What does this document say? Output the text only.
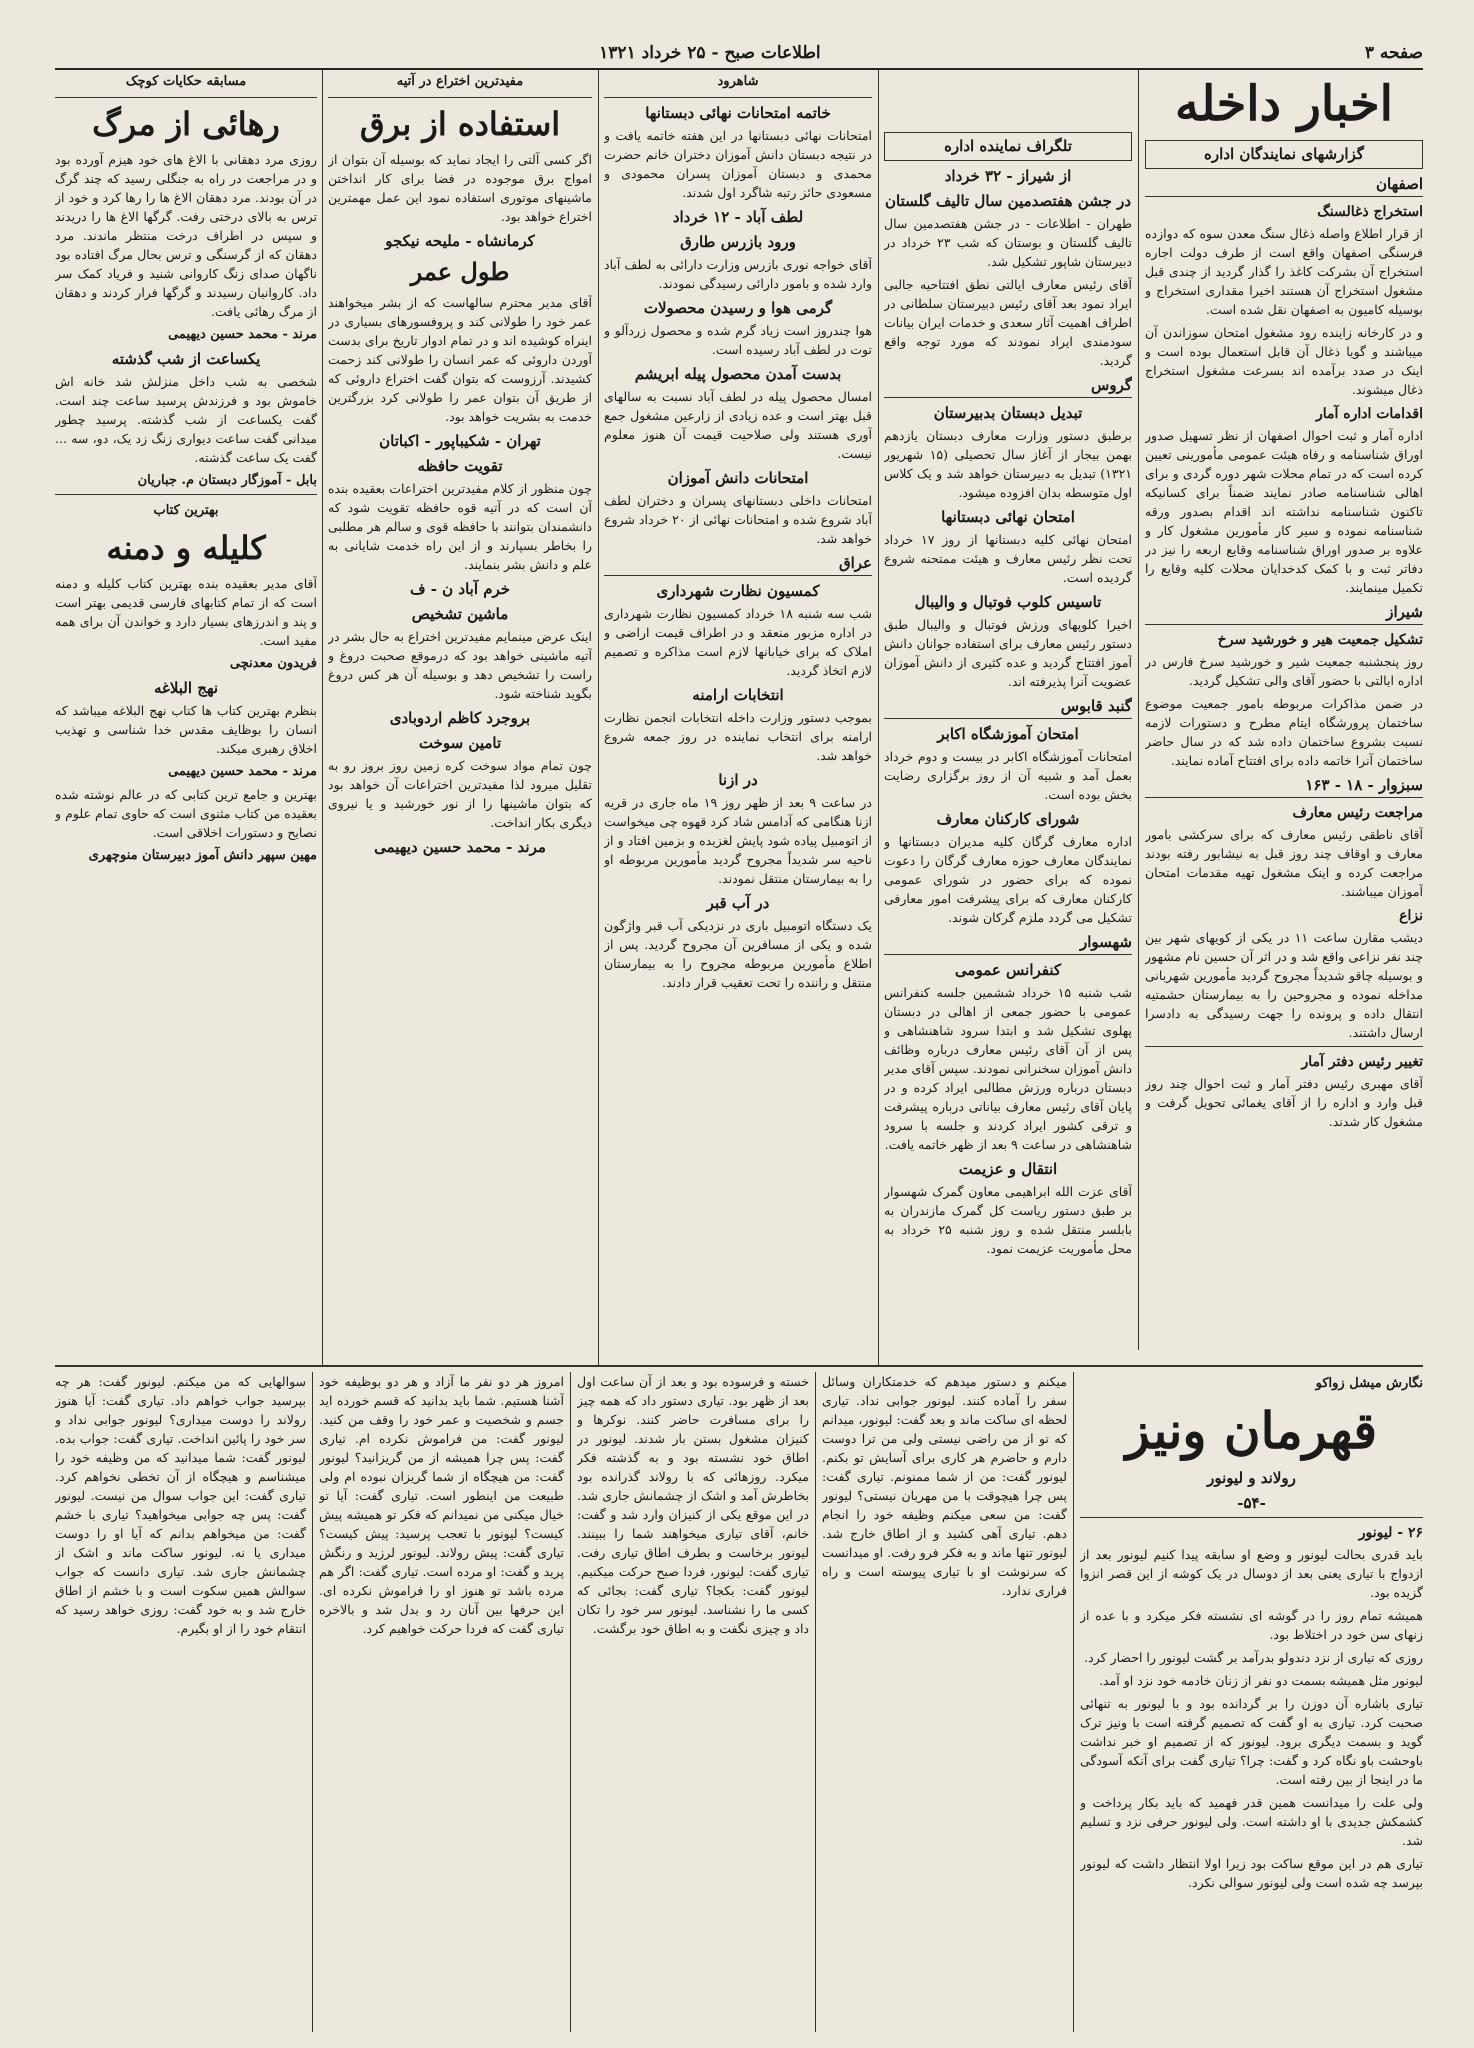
صفحه ۳
اطلاعات صبح - ۲۵ خرداد ۱۳۲۱
اخبار داخله
گزارشهای نمایندگان اداره
اصفهان
استخراج ذغالسنگ

از قرار اطلاع واصله ذغال سنگ معدن سوه که دوازده فرسنگی اصفهان واقع است از طرف دولت اجاره استخراج آن بشرکت کاغذ را گذار گردید از چندی قبل مشغول استخراج آن هستند اخیرا مقداری استخراج و بوسیله کامیون به اصفهان نقل شده است.

و در کارخانه زاینده رود مشغول امتحان سوزاندن آن میباشند و گویا ذغال آن قابل استعمال بوده است و اینک در صدد برآمده اند بسرعت مشغول استخراج ذغال میشوند.

اقدامات اداره آمار

اداره آمار و ثبت احوال اصفهان از نظر تسهیل صدور اوراق شناسنامه و رفاه هیئت عمومی مأمورینی تعیین کرده است که در تمام محلات شهر دوره گردی و برای اهالی شناسنامه صادر نمایند ضمناً برای کسانیکه تاکنون شناسنامه نداشته اند اقدام بصدور ورقه شناسنامه نموده و سیر کار مأمورین مشغول کار و علاوه بر صدور اوراق شناسنامه وقایع اربعه را نیز در دفاتر ثبت و با کمک کدخدایان محلات کلیه وقایع را تکمیل مینمایند.

شیراز
تشکیل جمعیت هیر و خورشید سرخ

روز پنجشنبه جمعیت شیر و خورشید سرخ فارس در اداره ایالتی با حضور آقای والی تشکیل گردید.

در ضمن مذاکرات مربوطه بامور جمعیت موضوع ساختمان پرورشگاه ایتام مطرح و دستورات لازمه نسبت بشروع ساختمان داده شد که در سال حاضر ساختمان آنرا خاتمه داده برای افتتاح آماده نمایند.

سبزوار - ۱۸ - ۱۶۳
مراجعت رئیس معارف

آقای ناطقی رئیس معارف که برای سرکشی بامور معارف و اوقاف چند روز قبل به نیشابور رفته بودند مراجعت کرده و اینک مشغول تهیه مقدمات امتحان آموزان میباشند.

نزاع

دیشب مقارن ساعت ۱۱ در یکی از کویهای شهر بین چند نفر نزاعی واقع شد و در اثر آن حسین نام مشهور و بوسیله چاقو شدیداً مجروح گردید مأمورین شهربانی مداخله نموده و مجروحین را به بیمارستان حشمتیه انتقال داده و پرونده را جهت رسیدگی به دادسرا ارسال داشتند.

تغییر رئیس دفتر آمار

آقای مهبری رئیس دفتر آمار و ثبت احوال چند روز قبل وارد و اداره را از آقای یغمائی تحویل گرفت و مشغول کار شدند.

تلگراف نماینده اداره
از شیراز - ۳۲ خرداد
در جشن هفتصدمین سال تالیف گلستان

طهران - اطلاعات - در جشن هفتصدمین سال تالیف گلستان و بوستان که شب ۲۳ خرداد در دبیرستان شاپور تشکیل شد.

آقای رئیس معارف ایالتی نطق افتتاحیه جالبی ایراد نمود بعد آقای رئیس دبیرستان سلطانی در اطراف اهمیت آثار سعدی و خدمات ایران بیانات سودمندی ایراد نمودند که مورد توجه واقع گردید.

گروس
تبدیل دبستان بدبیرستان

برطبق دستور وزارت معارف دبستان یازدهم بهمن بیجار از آغاز سال تحصیلی (۱۵ شهریور ۱۳۲۱) تبدیل به دبیرستان خواهد شد و یک کلاس اول متوسطه بدان افزوده میشود.

امتحان نهائی دبستانها

امتحان نهائی کلیه دبستانها از روز ۱۷ خرداد تحت نظر رئیس معارف و هیئت ممتحنه شروع گردیده است.

تاسیس کلوب فوتبال و والیبال

اخیرا کلوپهای ورزش فوتبال و والیبال طبق دستور رئیس معارف برای استفاده جوانان دانش آموز افتتاح گردید و عده کثیری از دانش آموزان عضویت آنرا پذیرفته اند.

گنبد قابوس
امتحان آموزشگاه اکابر

امتحانات آموزشگاه اکابر در بیست و دوم خرداد بعمل آمد و شبیه آن از روز برگزاری رضایت بخش بوده است.

شورای کارکنان معارف

اداره معارف گرگان کلیه مدیران دبستانها و نمایندگان معارف حوزه معارف گرگان را دعوت نموده که برای حضور در شورای عمومی کارکنان معارف که برای پیشرفت امور معارفی تشکیل می گردد ملزم گرکان شوند.

شهسوار
کنفرانس عمومی

شب شنبه ۱۵ خرداد ششمین جلسه کنفرانس عمومی با حضور جمعی از اهالی در دبستان پهلوی تشکیل شد و ابتدا سرود شاهنشاهی و پس از آن آقای رئیس معارف درباره وظائف دانش آموزان سخنرانی نمودند. سپس آقای مدیر دبستان درباره ورزش مطالبی ایراد کرده و در پایان آقای رئیس معارف بیاناتی درباره پیشرفت و ترقی کشور ایراد کردند و جلسه با سرود شاهنشاهی در ساعت ۹ بعد از ظهر خاتمه یافت.

انتقال و عزیمت

آقای عزت الله ابراهیمی معاون گمرک شهسوار بر طبق دستور ریاست کل گمرک مازندران به بابلسر منتقل شده و روز شنبه ۲۵ خرداد به محل مأموریت عزیمت نمود.

شاهرود
خاتمه امتحانات نهائی دبستانها

امتحانات نهائی دبستانها در این هفته خاتمه یافت و در نتیجه دبستان دانش آموزان دختران خانم حضرت محمدی و دبستان آموزان پسران محمودی و مسعودی حائز رتبه شاگرد اول شدند.

لطف آباد - ۱۲ خرداد
ورود بازرس طارق

آقای خواجه نوری بازرس وزارت دارائی به لطف آباد وارد شده و بامور دارائی رسیدگی نمودند.

گرمی هوا و رسیدن محصولات

هوا چندروز است زیاد گرم شده و محصول زردآلو و توت در لطف آباد رسیده است.

بدست آمدن محصول پیله ابریشم

امسال محصول پیله در لطف آباد نسبت به سالهای قبل بهتر است و عده زیادی از زارعین مشغول جمع آوری هستند ولی صلاحیت قیمت آن هنوز معلوم نیست.

امتحانات دانش آموزان

امتحانات داخلی دبستانهای پسران و دختران لطف آباد شروع شده و امتحانات نهائی از ۲۰ خرداد شروع خواهد شد.

عراق
کمسیون نظارت شهرداری

شب سه شنبه ۱۸ خرداد کمسیون نظارت شهرداری در اداره مزبور منعقد و در اطراف قیمت اراضی و املاک که برای خیابانها لازم است مذاکره و تصمیم لازم اتخاذ گردید.

انتخابات ارامنه

بموجب دستور وزارت داخله انتخابات انجمن نظارت ارامنه برای انتخاب نماینده در روز جمعه شروع خواهد شد.

در ازنا

در ساعت ۹ بعد از ظهر روز ۱۹ ماه جاری در قریه ازنا هنگامی که آدامس شاد کرد قهوه چی میخواست از اتومبیل پیاده شود پایش لغزیده و بزمین افتاد و از ناحیه سر شدیداً مجروح گردید مأمورین مربوطه او را به بیمارستان منتقل نمودند.

در آب قبر

یک دستگاه اتومبیل باری در نزدیکی آب قبر واژگون شده و یکی از مسافرین آن مجروح گردید. پس از اطلاع مأمورین مربوطه مجروح را به بیمارستان منتقل و راننده را تحت تعقیب قرار دادند.

مفیدترین اختراع در آتیه
استفاده از برق

اگر کسی آلتی را ایجاد نماید که بوسیله آن بتوان از امواج برق موجوده در فضا برای کار انداختن ماشینهای موتوری استفاده نمود این عمل مهمترین اختراع خواهد بود.

کرمانشاه - ملیحه نیکجو
طول عمر

آقای مدیر محترم سالهاست که از بشر میخواهند عمر خود را طولانی کند و پروفسورهای بسیاری در اینراه کوشیده اند و در تمام ادوار تاریخ برای بدست آوردن داروئی که عمر انسان را طولانی کند زحمت کشیدند. آرزوست که بتوان گفت اختراع داروئی که از طریق آن بتوان عمر را طولانی کرد بزرگترین خدمت به بشریت خواهد بود.

تهران - شکیباپور - اکباتان
تقویت حافظه

چون منظور از کلام مفیدترین اختراعات بعقیده بنده آن است که در آتیه قوه حافظه تقویت شود که دانشمندان بتوانند با حافظه قوی و سالم هر مطلبی را بخاطر بسپارند و از این راه خدمت شایانی به علم و دانش بشر بنمایند.

خرم آباد ن - ف
ماشین تشخیص

اینک عرض مینمایم مفیدترین اختراع به حال بشر در آتیه ماشینی خواهد بود که درموقع صحبت دروغ و راست را تشخیص دهد و بوسیله آن هر کس دروغ بگوید شناخته شود.

بروجرد کاظم اردوبادی
تامین سوخت

چون تمام مواد سوخت کره زمین روز بروز رو به تقلیل میرود لذا مفیدترین اختراعات آن خواهد بود که بتوان ماشینها را از نور خورشید و یا نیروی دیگری بکار انداخت.

مرند - محمد حسین دیهیمی
مسابقه حکایات کوچک
رهائی از مرگ

روزی مرد دهقانی با الاغ های خود هیزم آورده بود و در مراجعت در راه به جنگلی رسید که چند گرگ در آن بودند. مرد دهقان الاغ ها را رها کرد و خود از ترس به بالای درختی رفت. گرگها الاغ ها را دریدند و سپس در اطراف درخت منتظر ماندند. مرد دهقان که از گرسنگی و ترس بحال مرگ افتاده بود ناگهان صدای زنگ کاروانی شنید و فریاد کمک سر داد. کاروانیان رسیدند و گرگها فرار کردند و دهقان از مرگ رهائی یافت.

مرند - محمد حسین دیهیمی
یکساعت از شب گذشته

شخصی به شب داخل منزلش شد خانه اش خاموش بود و فرزندش پرسید ساعت چند است. گفت یکساعت از شب گذشته. پرسید چطور میدانی گفت ساعت دیواری زنگ زد یک، دو، سه ... گفت یک ساعت گذشته.

بابل - آموزگار دبستان م. جباریان
بهترین کتاب
کلیله و دمنه

آقای مدیر بعقیده بنده بهترین کتاب کلیله و دمنه است که از تمام کتابهای فارسی قدیمی بهتر است و پند و اندرزهای بسیار دارد و خواندن آن برای همه مفید است.

فریدون معدنچی
نهج البلاغه

بنظرم بهترین کتاب ها کتاب نهج البلاغه میباشد که انسان را بوظایف مقدس خدا شناسی و تهذیب اخلاق رهبری میکند.

مرند - محمد حسین دیهیمی

بهترین و جامع ترین کتابی که در عالم نوشته شده بعقیده من کتاب مثنوی است که حاوی تمام علوم و نصایح و دستورات اخلاقی است.

مهین سپهر دانش آموز دبیرستان منوچهری
نگارش میشل زواکو
قهرمان ونیز
رولاند و لیونور
-۵۴-
۲۶ - لیونور

باید قدری بحالت لیونور و وضع او سابقه پیدا کنیم لیونور بعد از ازدواج با تیاری یعنی بعد از دوسال در یک کوشه از این قصر انزوا گزیده بود.

همیشه تمام روز را در گوشه ای نشسته فکر میکرد و با عده از زنهای سن خود در اختلاط بود.

روزی که تیاری از نزد دندولو بدرآمد بر گشت لیونور را احضار کرد.

لیونور مثل همیشه بسمت دو نفر از زنان خادمه خود نزد او آمد.

تیاری باشاره آن دوزن را بر گردانده بود و با لیونور به تنهائی صحبت کرد. تیاری به او گفت که تصمیم گرفته است با ونیز ترک گوید و بسمت دیگری برود. لیونور که از تصمیم او خبر نداشت باوحشت باو نگاه کرد و گفت: چرا؟ تیاری گفت برای آنکه آسودگی ما در اینجا از بین رفته است.

ولی علت را میدانست همین قدر فهمید که باید بکار پرداخت و کشمکش جدیدی با او داشته است. ولی لیونور حرفی نزد و تسلیم شد.

تیاری هم در این موقع ساکت بود زیرا اولا انتظار داشت که لیونور بپرسد چه شده است ولی لیونور سوالی نکرد.

میکنم و دستور میدهم که خدمتکاران وسائل سفر را آماده کنند. لیونور جوابی نداد. تیاری لحظه ای ساکت ماند و بعد گفت: لیونور، میدانم که تو از من راضی نیستی ولی من ترا دوست دارم و حاضرم هر کاری برای آسایش تو بکنم. لیونور گفت: من از شما ممنونم. تیاری گفت: پس چرا هیچوقت با من مهربان نیستی؟ لیونور گفت: من سعی میکنم وظیفه خود را انجام دهم. تیاری آهی کشید و از اطاق خارج شد. لیونور تنها ماند و به فکر فرو رفت. او میدانست که سرنوشت او با تیاری پیوسته است و راه فراری ندارد.

خسته و فرسوده بود و بعد از آن ساعت اول بعد از ظهر بود. تیاری دستور داد که همه چیز را برای مسافرت حاضر کنند. نوکرها و کنیزان مشغول بستن بار شدند. لیونور در اطاق خود نشسته بود و به گذشته فکر میکرد. روزهائی که با رولاند گذرانده بود بخاطرش آمد و اشک از چشمانش جاری شد. در این موقع یکی از کنیزان وارد شد و گفت: خانم، آقای تیاری میخواهند شما را ببینند. لیونور برخاست و بطرف اطاق تیاری رفت. تیاری گفت: لیونور، فردا صبح حرکت میکنیم. لیونور گفت: بکجا؟ تیاری گفت: بجائی که کسی ما را نشناسد. لیونور سر خود را تکان داد و چیزی نگفت و به اطاق خود برگشت.

امروز هر دو نفر ما آزاد و هر دو بوظیفه خود آشنا هستیم. شما باید بدانید که قسم خورده اید جسم و شخصیت و عمر خود را وقف من کنید. لیونور گفت: من فراموش نکرده ام. تیاری گفت: پس چرا همیشه از من گریزانید؟ لیونور گفت: من هیچگاه از شما گریزان نبوده ام ولی طبیعت من اینطور است. تیاری گفت: آیا تو خیال میکنی من نمیدانم که فکر تو همیشه پیش کیست؟ لیونور با تعجب پرسید: پیش کیست؟ تیاری گفت: پیش رولاند. لیونور لرزید و رنگش پرید و گفت: او مرده است. تیاری گفت: اگر هم مرده باشد تو هنوز او را فراموش نکرده ای. این حرفها بین آنان رد و بدل شد و بالاخره تیاری گفت که فردا حرکت خواهیم کرد.

سوالهایی که من میکنم. لیونور گفت: هر چه بپرسید جواب خواهم داد. تیاری گفت: آیا هنوز رولاند را دوست میداری؟ لیونور جوابی نداد و سر خود را پائین انداخت. تیاری گفت: جواب بده. لیونور گفت: شما میدانید که من وظیفه خود را میشناسم و هیچگاه از آن تخطی نخواهم کرد. تیاری گفت: این جواب سوال من نیست. لیونور گفت: پس چه جوابی میخواهید؟ تیاری با خشم گفت: من میخواهم بدانم که آیا او را دوست میداری یا نه. لیونور ساکت ماند و اشک از چشمانش جاری شد. تیاری دانست که جواب سوالش همین سکوت است و با خشم از اطاق خارج شد و به خود گفت: روزی خواهد رسید که انتقام خود را از او بگیرم.
